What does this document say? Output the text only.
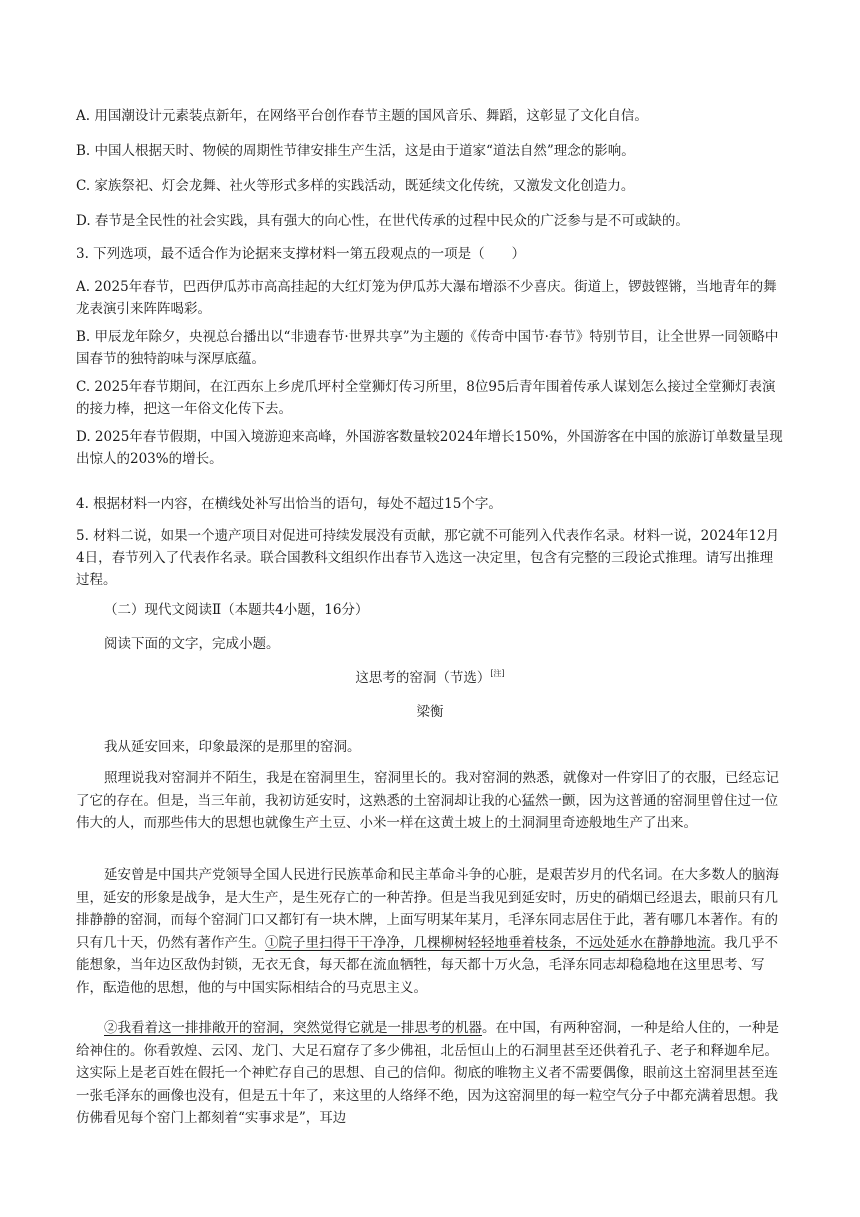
A. 用国潮设计元素装点新年，在网络平台创作春节主题的国风音乐、舞蹈，这彰显了文化自信。
B. 中国人根据天时、物候的周期性节律安排生产生活，这是由于道家“道法自然”理念的影响。
C. 家族祭祀、灯会龙舞、社火等形式多样的实践活动，既延续文化传统，又激发文化创造力。
D. 春节是全民性的社会实践，具有强大的向心性，在世代传承的过程中民众的广泛参与是不可或缺的。
3. 下列选项，最不适合作为论据来支撑材料一第五段观点的一项是（　　）
A. 2025年春节，巴西伊瓜苏市高高挂起的大红灯笼为伊瓜苏大瀑布增添不少喜庆。街道上，锣鼓铿锵，当地青年的舞龙表演引来阵阵喝彩。
B. 甲辰龙年除夕，央视总台播出以“非遗春节·世界共享”为主题的《传奇中国节·春节》特别节目，让全世界一同领略中国春节的独特韵味与深厚底蕴。
C. 2025年春节期间，在江西东上乡虎爪坪村全堂狮灯传习所里，8位95后青年围着传承人谋划怎么接过全堂狮灯表演的接力棒，把这一年俗文化传下去。
D. 2025年春节假期，中国入境游迎来高峰，外国游客数量较2024年增长150%，外国游客在中国的旅游订单数量呈现出惊人的203%的增长。
4. 根据材料一内容，在横线处补写出恰当的语句，每处不超过15个字。
5. 材料二说，如果一个遗产项目对促进可持续发展没有贡献，那它就不可能列入代表作名录。材料一说，2024年12月4日，春节列入了代表作名录。联合国教科文组织作出春节入选这一决定里，包含有完整的三段论式推理。请写出推理过程。
（二）现代文阅读Ⅱ（本题共4小题，16分）
阅读下面的文字，完成小题。
这思考的窑洞（节选）[注]
梁衡
我从延安回来，印象最深的是那里的窑洞。
照理说我对窑洞并不陌生，我是在窑洞里生，窑洞里长的。我对窑洞的熟悉，就像对一件穿旧了的衣服，已经忘记了它的存在。但是，当三年前，我初访延安时，这熟悉的土窑洞却让我的心猛然一颤，因为这普通的窑洞里曾住过一位伟大的人，而那些伟大的思想也就像生产土豆、小米一样在这黄土坡上的土洞洞里奇迹般地生产了出来。
延安曾是中国共产党领导全国人民进行民族革命和民主革命斗争的心脏，是艰苦岁月的代名词。在大多数人的脑海里，延安的形象是战争，是大生产，是生死存亡的一种苦挣。但是当我见到延安时，历史的硝烟已经退去，眼前只有几排静静的窑洞，而每个窑洞门口又都钉有一块木牌，上面写明某年某月，毛泽东同志居住于此，著有哪几本著作。有的只有几十天，仍然有著作产生。①院子里扫得干干净净，几棵柳树轻轻地垂着枝条，不远处延水在静静地流。我几乎不能想象，当年边区敌伪封锁，无衣无食，每天都在流血牺牲，每天都十万火急，毛泽东同志却稳稳地在这里思考、写作，酝造他的思想，他的与中国实际相结合的马克思主义。
②我看着这一排排敞开的窑洞，突然觉得它就是一排思考的机器。在中国，有两种窑洞，一种是给人住的，一种是给神住的。你看敦煌、云冈、龙门、大足石窟存了多少佛祖，北岳恒山上的石洞里甚至还供着孔子、老子和释迦牟尼。这实际上是老百姓在假托一个神贮存自己的思想、自己的信仰。彻底的唯物主义者不需要偶像，眼前这土窑洞里甚至连一张毛泽东的画像也没有，但是五十年了，来这里的人络绎不绝，因为这窑洞里的每一粒空气分子中都充满着思想。我仿佛看见每个窑门上都刻着“实事求是”，耳边
